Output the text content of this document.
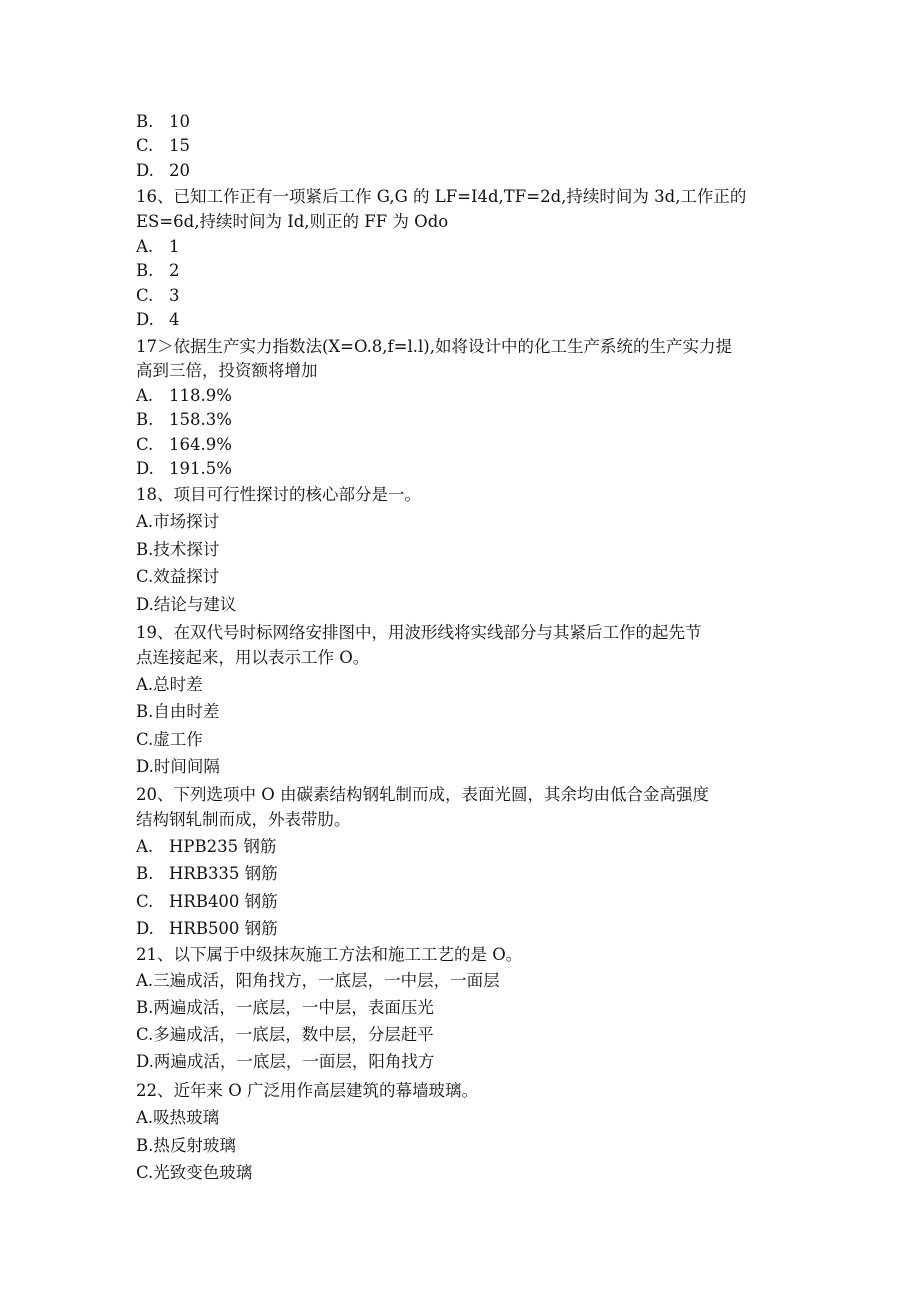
B. 10
C. 15
D. 20
16、已知工作正有一项紧后工作 G,G 的 LF=I4d,TF=2d,持续时间为 3d,工作正的
ES=6d,持续时间为 Id,则正的 FF 为 Odo
A. 1
B. 2
C. 3
D. 4
17＞依据生产实力指数法(X=O.8,f=l.l),如将设计中的化工生产系统的生产实力提
高到三倍，投资额将增加
A. 118.9%
B. 158.3%
C. 164.9%
D. 191.5%
18、项目可行性探讨的核心部分是一。
A.市场探讨
B.技术探讨
C.效益探讨
D.结论与建议
19、在双代号时标网络安排图中，用波形线将实线部分与其紧后工作的起先节
点连接起来，用以表示工作 O。
A.总时差
B.自由时差
C.虚工作
D.时间间隔
20、下列选项中 O 由碳素结构钢轧制而成，表面光圆，其余均由低合金高强度
结构钢轧制而成，外表带肋。
A. HPB235 钢筋
B. HRB335 钢筋
C. HRB400 钢筋
D. HRB500 钢筋
21、以下属于中级抹灰施工方法和施工工艺的是 O。
A.三遍成活，阳角找方，一底层，一中层，一面层
B.两遍成活，一底层，一中层，表面压光
C.多遍成活，一底层，数中层，分层赶平
D.两遍成活，一底层，一面层，阳角找方
22、近年来 O 广泛用作高层建筑的幕墙玻璃。
A.吸热玻璃
B.热反射玻璃
C.光致变色玻璃
